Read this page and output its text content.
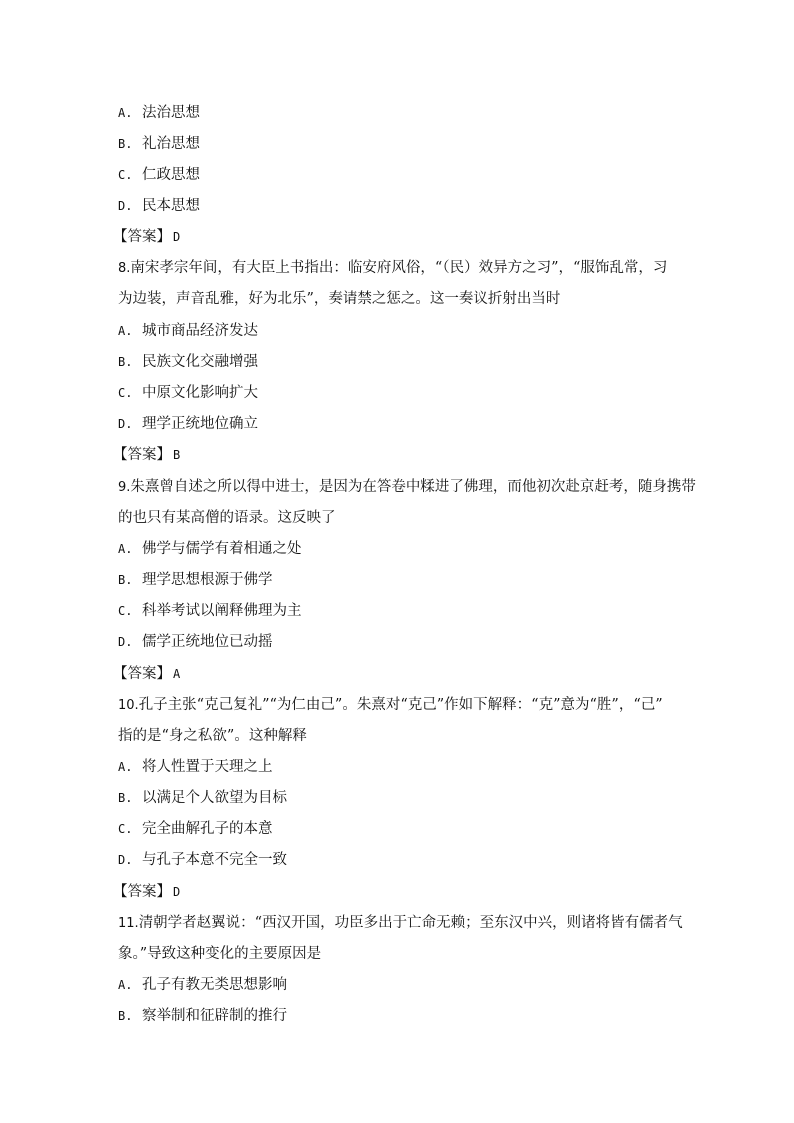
A. 法治思想
B. 礼治思想
C. 仁政思想
D. 民本思想
【答案】 D
8.南宋孝宗年间，有大臣上书指出：临安府风俗，“（民）效异方之习”，“服饰乱常，习
为边装，声音乱雅，好为北乐”，奏请禁之惩之。这一奏议折射出当时
A. 城市商品经济发达
B. 民族文化交融增强
C. 中原文化影响扩大
D. 理学正统地位确立
【答案】 B
9.朱熹曾自述之所以得中进士，是因为在答卷中糅进了佛理，而他初次赴京赶考，随身携带
的也只有某高僧的语录。这反映了
A. 佛学与儒学有着相通之处
B. 理学思想根源于佛学
C. 科举考试以阐释佛理为主
D. 儒学正统地位已动摇
【答案】 A
10.孔子主张“克己复礼”“为仁由己”。朱熹对“克己”作如下解释：“克”意为“胜”，“己”
指的是“身之私欲”。这种解释
A. 将人性置于天理之上
B. 以满足个人欲望为目标
C. 完全曲解孔子的本意
D. 与孔子本意不完全一致
【答案】 D
11.清朝学者赵翼说：“西汉开国，功臣多出于亡命无赖；至东汉中兴，则诸将皆有儒者气
象。”导致这种变化的主要原因是
A. 孔子有教无类思想影响
B. 察举制和征辟制的推行
